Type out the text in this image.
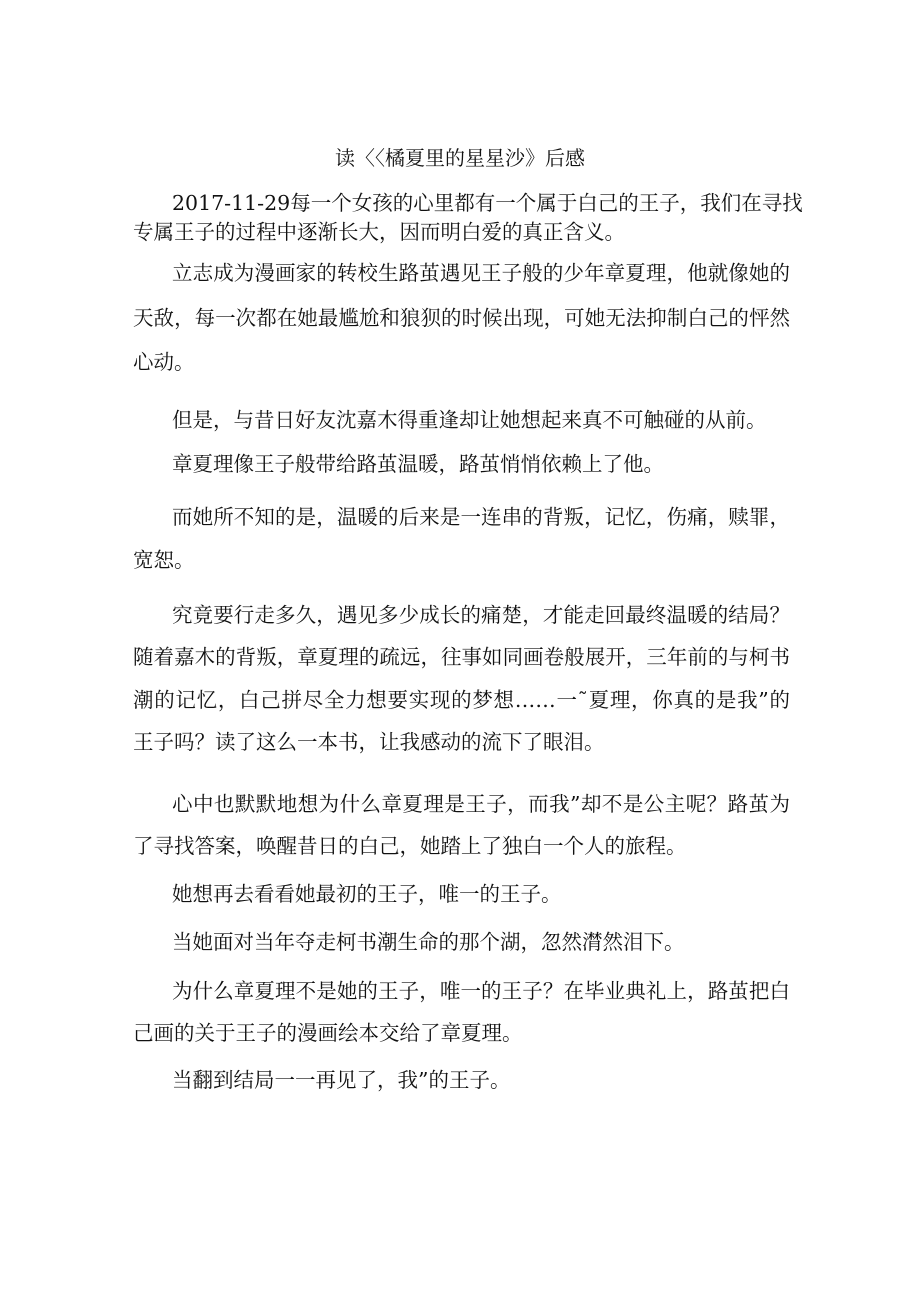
读〈〈橘夏里的星星沙》后感
2017-11-29每一个女孩的心里都有一个属于白己的王子，我们在寻找
专属王子的过程中逐渐长大，因而明白爱的真正含义。
立志成为漫画家的转校生路茧遇见王子般的少年章夏理，他就像她的
天敌，每一次都在她最尴尬和狼狈的时候出现，可她无法抑制白己的怦然
心动。
但是，与昔日好友沈嘉木得重逢却让她想起来真不可触碰的从前。
章夏理像王子般带给路茧温暖，路茧悄悄依赖上了他。
而她所不知的是，温暖的后来是一连串的背叛，记忆，伤痛，赎罪，
宽恕。
究竟要行走多久，遇见多少成长的痛楚，才能走回最终温暖的结局？
随着嘉木的背叛，章夏理的疏远，往事如同画卷般展开，三年前的与柯书
潮的记忆，白己拼尽全力想要实现的梦想……一˜夏理，你真的是我”的
王子吗？读了这么一本书，让我感动的流下了眼泪。
心中也默默地想为什么章夏理是王子，而我”却不是公主呢？路茧为
了寻找答案，唤醒昔日的白己，她踏上了独白一个人的旅程。
她想再去看看她最初的王子，唯一的王子。
当她面对当年夺走柯书潮生命的那个湖，忽然潸然泪下。
为什么章夏理不是她的王子，唯一的王子？在毕业典礼上，路茧把白
己画的关于王子的漫画绘本交给了章夏理。
当翻到结局一一再见了，我”的王子。
